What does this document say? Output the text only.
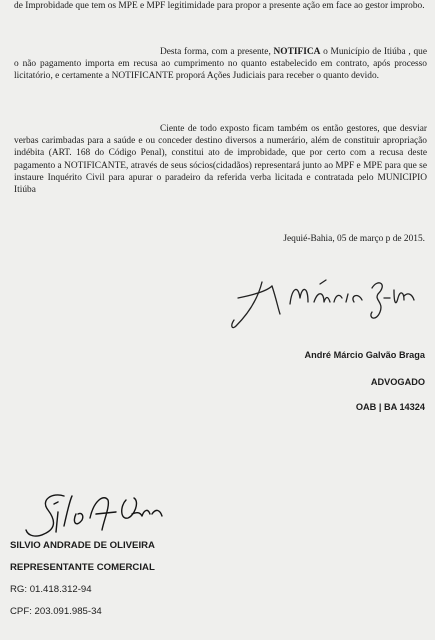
de Improbidade que tem os MPE e MPF legitimidade para propor a presente ação em face ao gestor improbo.

Desta forma, com a presente, NOTIFICA o Município de Itiúba , que o não pagamento importa em recusa ao cumprimento no quanto estabelecido em contrato, após processo licitatório, e certamente a NOTIFICANTE proporá Ações Judiciais para receber o quanto devido.

Ciente de todo exposto ficam também os então gestores, que desviar verbas carimbadas para a saúde e ou conceder destino diversos a numerário, além de constituir apropriação indébita (ART. 168 do Código Penal), constitui ato de improbidade, que por certo com a recusa deste pagamento a NOTIFICANTE, através de seus sócios(cidadãos) representará junto ao MPF e MPE para que se instaure Inquérito Civil para apurar o paradeiro da referida verba licitada e contratada pelo MUNICIPIO Itiúba

Jequié-Bahia, 05 de março p de 2015.
André Márcio Galvão Braga
ADVOGADO
OAB | BA 14324
SILVIO ANDRADE DE OLIVEIRA
REPRESENTANTE COMERCIAL
RG: 01.418.312-94
CPF: 203.091.985-34
